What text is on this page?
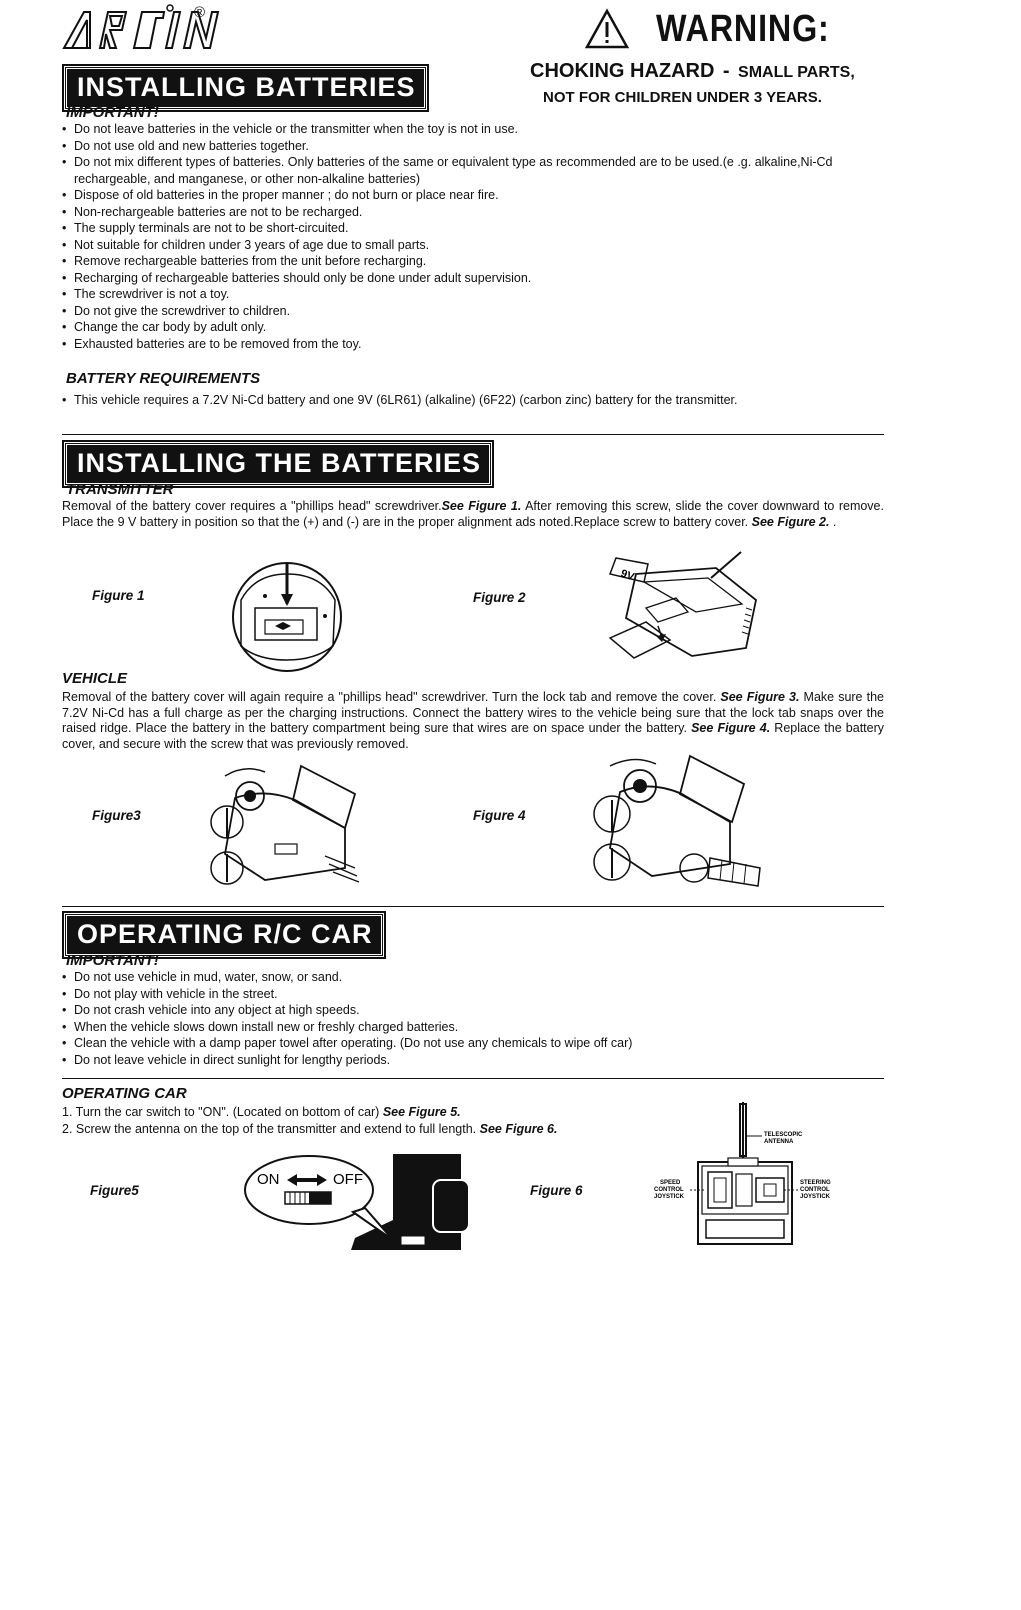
®	WARNING:
CHOKING HAZARD - SMALL PARTS,
NOT FOR CHILDREN UNDER 3 YEARS.
INSTALLING BATTERIES
IMPORTANT!
• Do not leave batteries in the vehicle or the transmitter when the toy is not in use.
• Do not use old and new batteries together.
• Do not mix different types of batteries. Only batteries of the same or equivalent type as recommended are to be used.(e .g. alkaline,Ni-Cd rechargeable, and manganese, or other non-alkaline batteries)
• Dispose of old batteries in the proper manner ; do not burn or place near fire.
• Non-rechargeable batteries are not to be recharged.
• The supply terminals are not to be short-circuited.
• Not suitable for children under 3 years of age due to small parts.
• Remove rechargeable batteries from the unit before recharging.
• Recharging of rechargeable batteries should only be done under adult supervision.
• The screwdriver is not a toy.
• Do not give the screwdriver to children.
• Change the car body by adult only.
• Exhausted batteries are to be removed from the toy.
BATTERY REQUIREMENTS
• This vehicle requires a 7.2V Ni-Cd battery and one 9V (6LR61) (alkaline) (6F22) (carbon zinc) battery for the transmitter.
INSTALLING THE BATTERIES
TRANSMITTER
Removal of the battery cover requires a "phillips head" screwdriver.See Figure 1. After removing this screw, slide the cover downward to remove. Place the 9 V battery in position so that the (+) and (-) are in the proper alignment ads noted.Replace screw to battery cover. See Figure 2. .
Figure 1	Figure 2
9V
VEHICLE
Removal of the battery cover will again require a "phillips head" screwdriver. Turn the lock tab and remove the cover. See Figure 3. Make sure the 7.2V Ni-Cd has a full charge as per the charging instructions. Connect the battery wires to the vehicle being sure that the lock tab snaps over the raised ridge. Place the battery in the battery compartment being sure that wires are on space under the battery. See Figure 4. Replace the battery cover, and secure with the screw that was previously removed.
Figure3	Figure 4
OPERATING R/C CAR
IMPORTANT!
• Do not use vehicle in mud, water, snow, or sand.
• Do not play with vehicle in the street.
• Do not crash vehicle into any object at high speeds.
• When the vehicle slows down install new or freshly charged batteries.
• Clean the vehicle with a damp paper towel after operating. (Do not use any chemicals to wipe off car)
• Do not leave vehicle in direct sunlight for lengthy periods.
OPERATING CAR
1. Turn the car switch to "ON". (Located on bottom of car) See Figure 5.
2. Screw the antenna on the top of the transmitter and extend to full length. See Figure 6.
Figure5
ON	OFF
Figure 6
TELESCOPIC
ANTENNA
SPEED
CONTROL
JOYSTICK
STEERING
CONTROL
JOYSTICK
